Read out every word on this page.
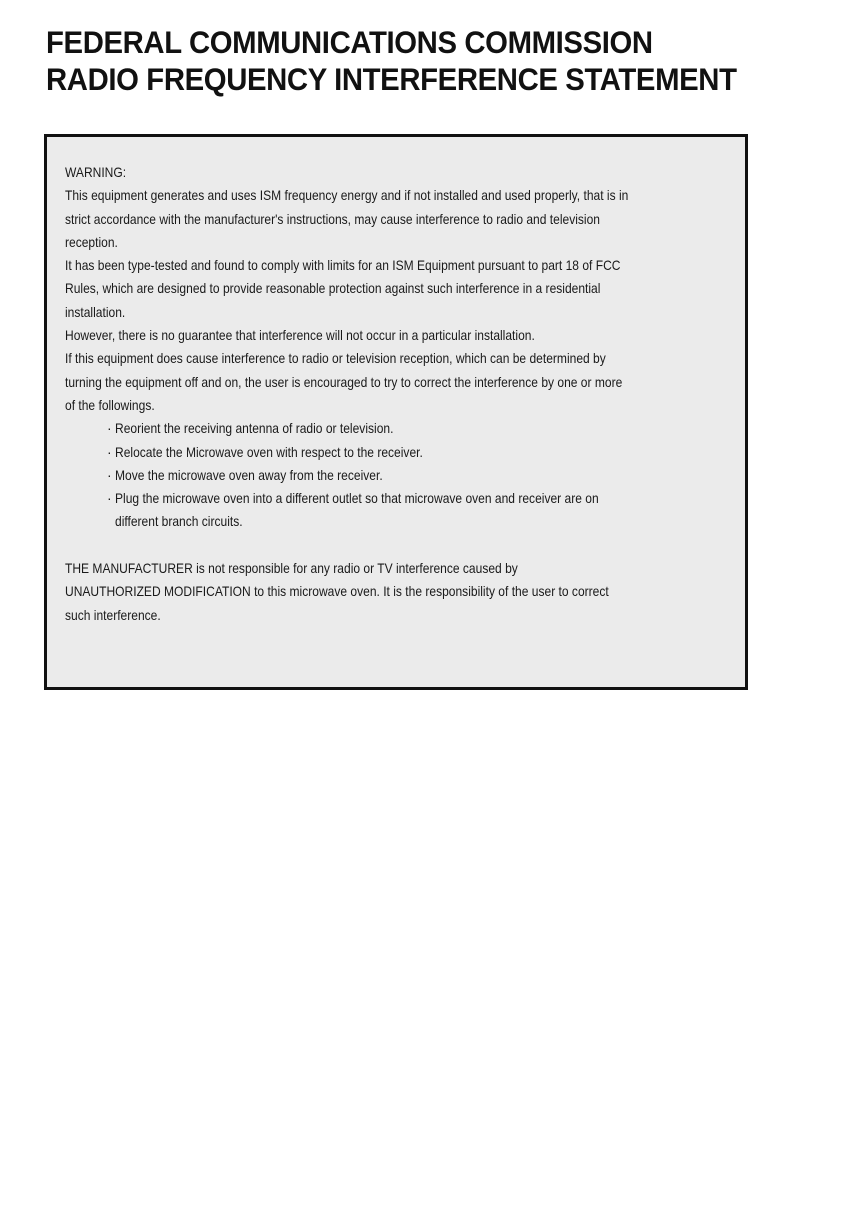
FEDERAL COMMUNICATIONS COMMISSION
RADIO FREQUENCY INTERFERENCE STATEMENT
WARNING:
This equipment generates and uses ISM frequency energy and if not installed and used properly, that is in
strict accordance with the manufacturer's instructions, may cause interference to radio and television
reception.
It has been type-tested and found to comply with limits for an ISM Equipment pursuant to part 18 of FCC
Rules, which are designed to provide reasonable protection against such interference in a residential
installation.
However, there is no guarantee that interference will not occur in a particular installation.
If this equipment does cause interference to radio or television reception, which can be determined by
turning the equipment off and on, the user is encouraged to try to correct the interference by one or more
of the followings.
· Reorient the receiving antenna of radio or television.
· Relocate the Microwave oven with respect to the receiver.
· Move the microwave oven away from the receiver.
· Plug the microwave oven into a different outlet so that microwave oven and receiver are on
different branch circuits.
THE MANUFACTURER is not responsible for any radio or TV interference caused by
UNAUTHORIZED MODIFICATION to this microwave oven. It is the responsibility of the user to correct
such interference.
